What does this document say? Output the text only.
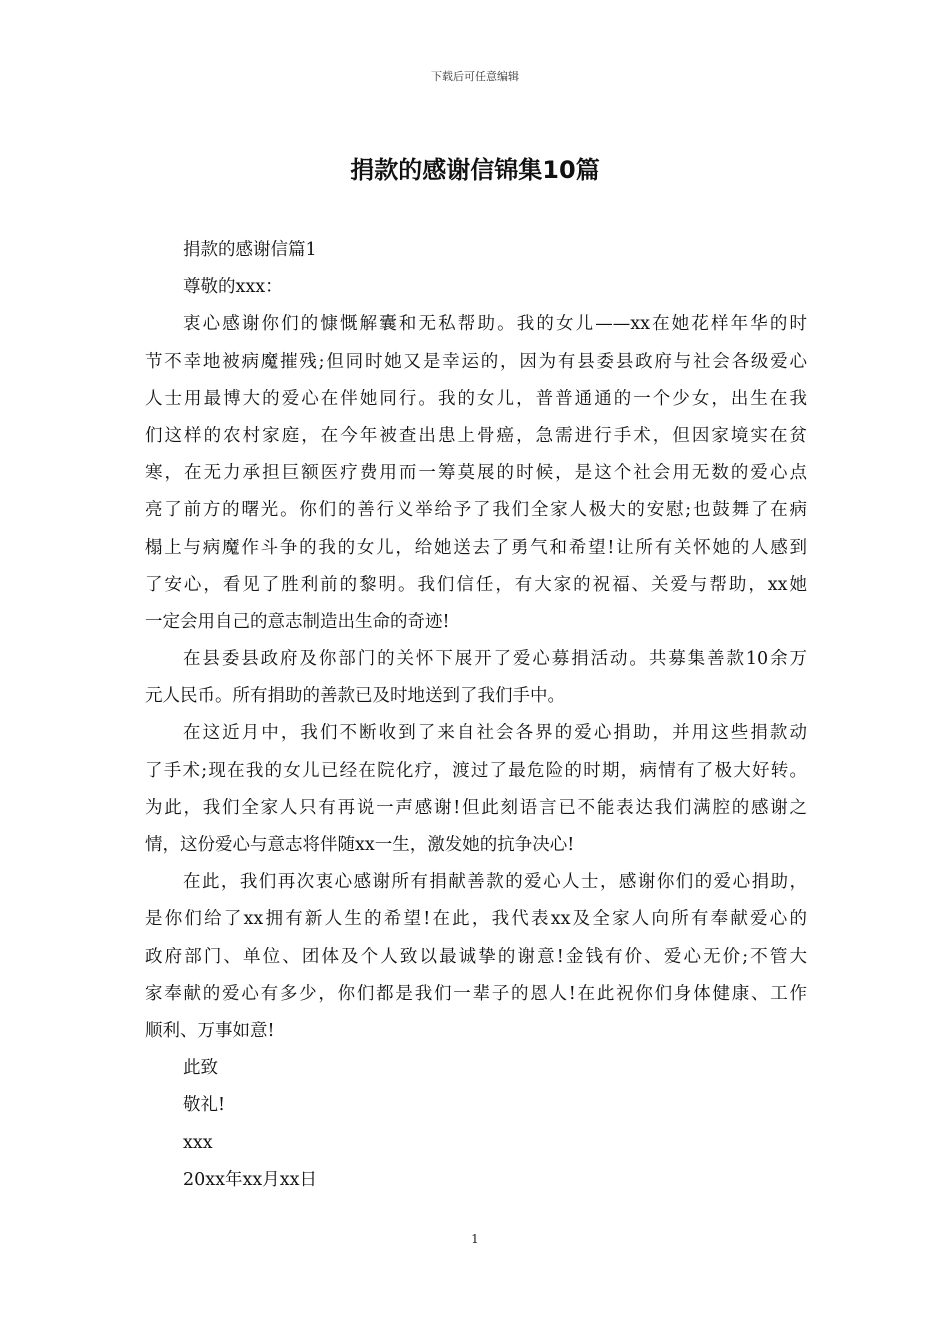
下载后可任意编辑
捐款的感谢信锦集10篇
捐款的感谢信篇1
尊敬的xxx：
衷心感谢你们的慷慨解囊和无私帮助。我的女儿——xx在她花样年华的时
节不幸地被病魔摧残;但同时她又是幸运的，因为有县委县政府与社会各级爱心
人士用最博大的爱心在伴她同行。我的女儿，普普通通的一个少女，出生在我
们这样的农村家庭，在今年被查出患上骨癌，急需进行手术，但因家境实在贫
寒，在无力承担巨额医疗费用而一筹莫展的时候，是这个社会用无数的爱心点
亮了前方的曙光。你们的善行义举给予了我们全家人极大的安慰;也鼓舞了在病
榻上与病魔作斗争的我的女儿，给她送去了勇气和希望!让所有关怀她的人感到
了安心，看见了胜利前的黎明。我们信任，有大家的祝福、关爱与帮助，xx她
一定会用自己的意志制造出生命的奇迹!
在县委县政府及你部门的关怀下展开了爱心募捐活动。共募集善款10余万
元人民币。所有捐助的善款已及时地送到了我们手中。
在这近月中，我们不断收到了来自社会各界的爱心捐助，并用这些捐款动
了手术;现在我的女儿已经在院化疗，渡过了最危险的时期，病情有了极大好转。
为此，我们全家人只有再说一声感谢!但此刻语言已不能表达我们满腔的感谢之
情，这份爱心与意志将伴随xx一生，激发她的抗争决心!
在此，我们再次衷心感谢所有捐献善款的爱心人士，感谢你们的爱心捐助，
是你们给了xx拥有新人生的希望!在此，我代表xx及全家人向所有奉献爱心的
政府部门、单位、团体及个人致以最诚挚的谢意!金钱有价、爱心无价;不管大
家奉献的爱心有多少，你们都是我们一辈子的恩人!在此祝你们身体健康、工作
顺利、万事如意!
此致
敬礼!
xxx
20xx年xx月xx日
1
